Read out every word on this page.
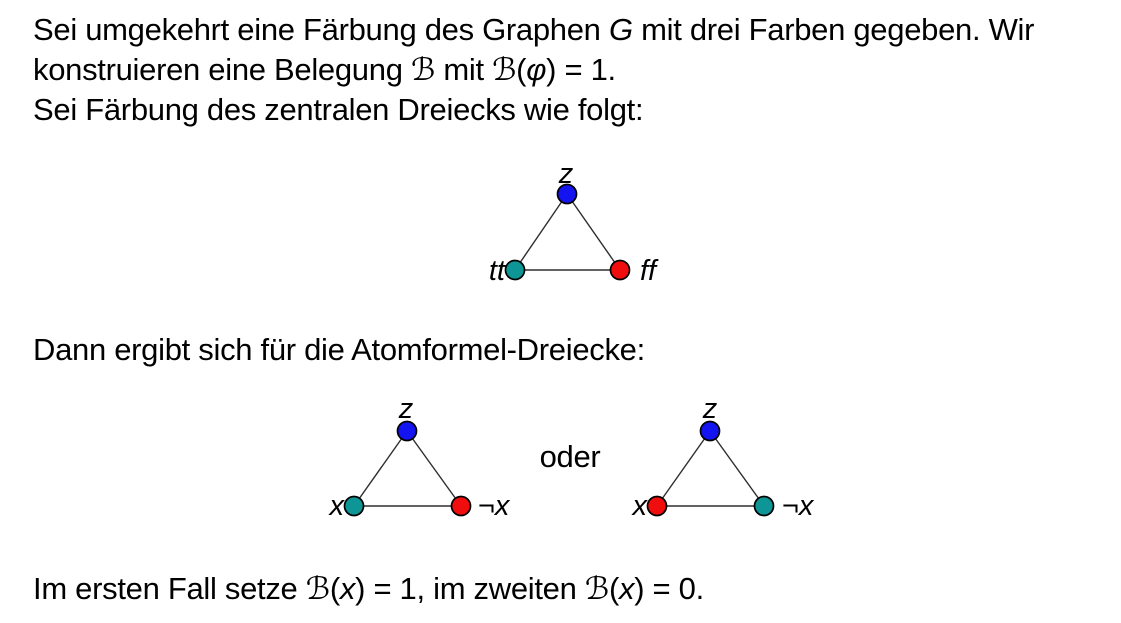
Sei umgekehrt eine Färbung des Graphen G mit drei Farben gegeben. Wir
konstruieren eine Belegung ℬ mit ℬ(φ) = 1.
Sei Färbung des zentralen Dreiecks wie folgt:
z
tt	ff
Dann ergibt sich für die Atomformel-Dreiecke:
z
x	¬x
oder
z
x	¬x
Im ersten Fall setze ℬ(x) = 1, im zweiten ℬ(x) = 0.
